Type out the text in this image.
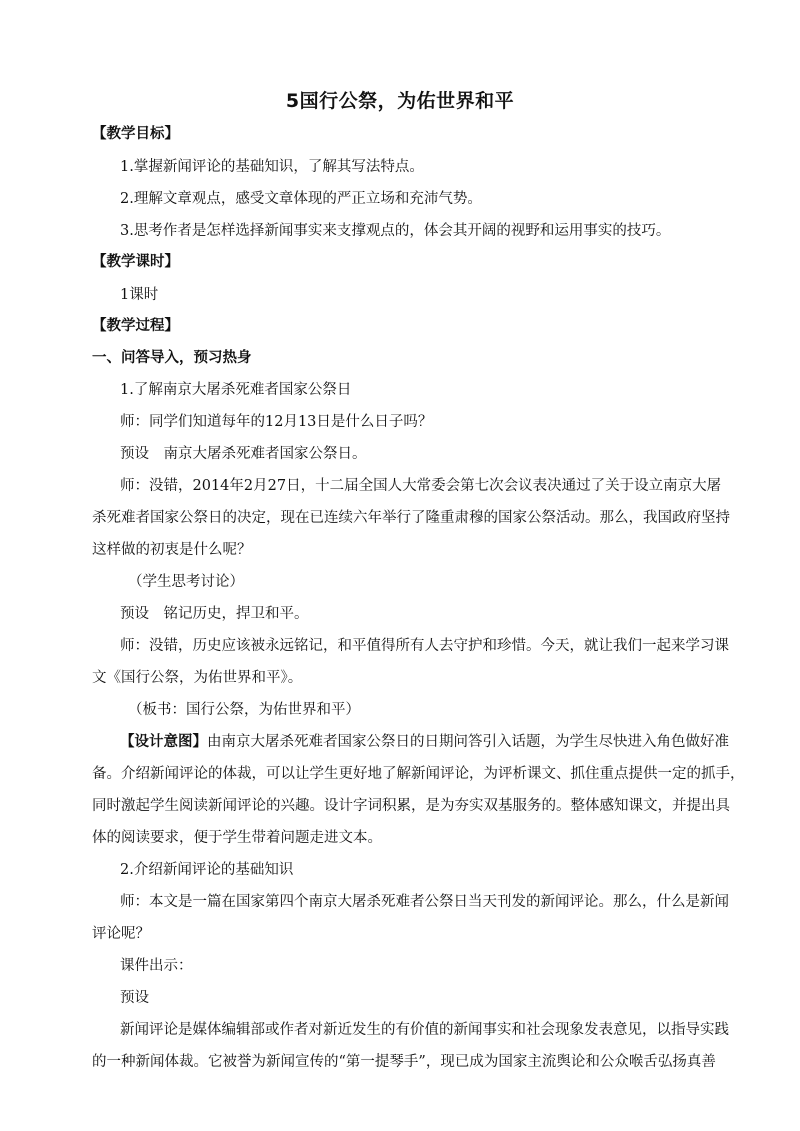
5国行公祭，为佑世界和平
【教学目标】
1.掌握新闻评论的基础知识，了解其写法特点。
2.理解文章观点，感受文章体现的严正立场和充沛气势。
3.思考作者是怎样选择新闻事实来支撑观点的，体会其开阔的视野和运用事实的技巧。
【教学课时】
1课时
【教学过程】
一、问答导入，预习热身
1.了解南京大屠杀死难者国家公祭日
师：同学们知道每年的12月13日是什么日子吗？
预设　南京大屠杀死难者国家公祭日。
师：没错，2014年2月27日，十二届全国人大常委会第七次会议表决通过了关于设立南京大屠
杀死难者国家公祭日的决定，现在已连续六年举行了隆重肃穆的国家公祭活动。那么，我国政府坚持
这样做的初衷是什么呢？
（学生思考讨论）
预设　铭记历史，捍卫和平。
师：没错，历史应该被永远铭记，和平值得所有人去守护和珍惜。今天，就让我们一起来学习课
文《国行公祭，为佑世界和平》。
（板书：国行公祭，为佑世界和平）
【设计意图】由南京大屠杀死难者国家公祭日的日期问答引入话题，为学生尽快进入角色做好准
备。介绍新闻评论的体裁，可以让学生更好地了解新闻评论，为评析课文、抓住重点提供一定的抓手，
同时激起学生阅读新闻评论的兴趣。设计字词积累，是为夯实双基服务的。整体感知课文，并提出具
体的阅读要求，便于学生带着问题走进文本。
2.介绍新闻评论的基础知识
师：本文是一篇在国家第四个南京大屠杀死难者公祭日当天刊发的新闻评论。那么，什么是新闻
评论呢？
课件出示：
预设
新闻评论是媒体编辑部或作者对新近发生的有价值的新闻事实和社会现象发表意见，以指导实践
的一种新闻体裁。它被誉为新闻宣传的“第一提琴手”，现已成为国家主流舆论和公众喉舌弘扬真善
